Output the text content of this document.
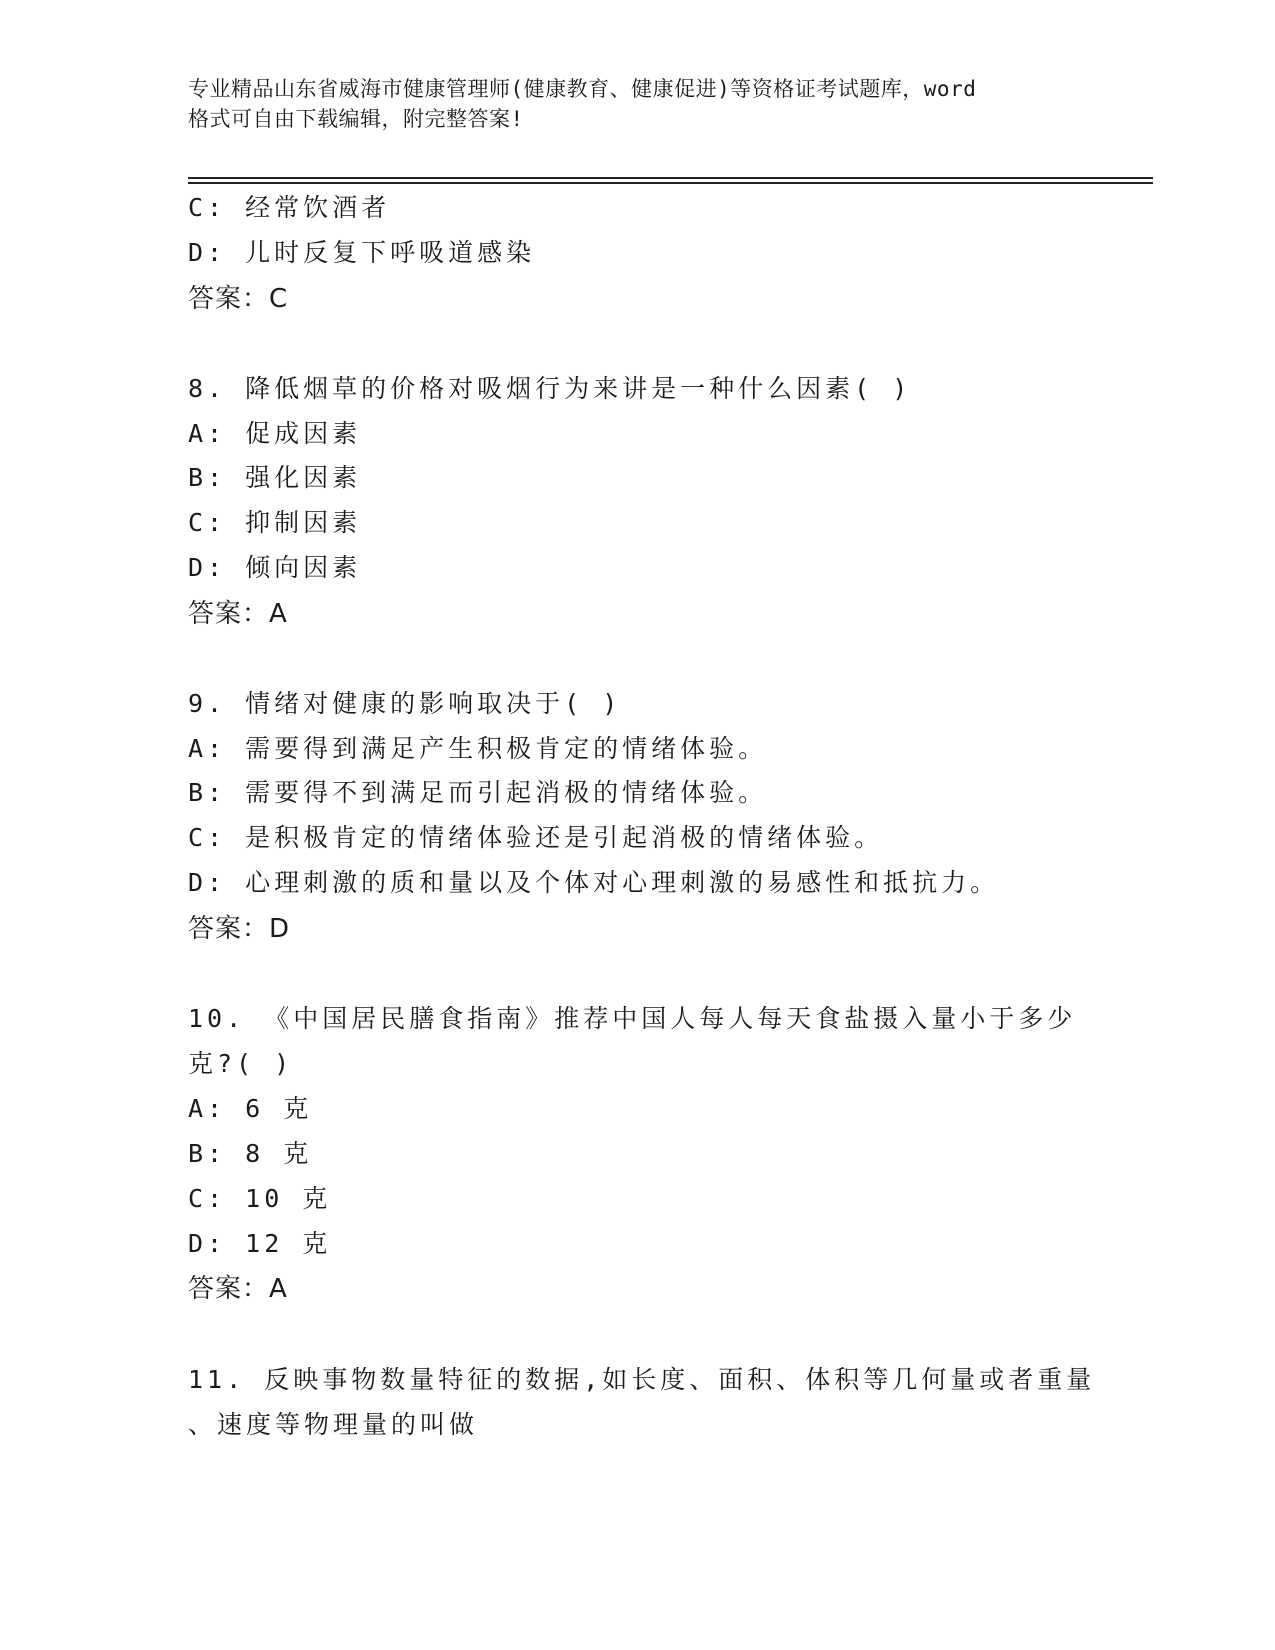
专业精品山东省威海市健康管理师(健康教育、健康促进)等资格证考试题库，word
格式可自由下载编辑，附完整答案!
C: 经常饮酒者
D: 儿时反复下呼吸道感染
答案：C
8. 降低烟草的价格对吸烟行为来讲是一种什么因素( )
A: 促成因素
B: 强化因素
C: 抑制因素
D: 倾向因素
答案：A
9. 情绪对健康的影响取决于( )
A: 需要得到满足产生积极肯定的情绪体验。
B: 需要得不到满足而引起消极的情绪体验。
C: 是积极肯定的情绪体验还是引起消极的情绪体验。
D: 心理刺激的质和量以及个体对心理刺激的易感性和抵抗力。
答案：D
10. 《中国居民膳食指南》推荐中国人每人每天食盐摄入量小于多少
克?( )
A: 6 克
B: 8 克
C: 10 克
D: 12 克
答案：A
11. 反映事物数量特征的数据,如长度、面积、体积等几何量或者重量
、速度等物理量的叫做
